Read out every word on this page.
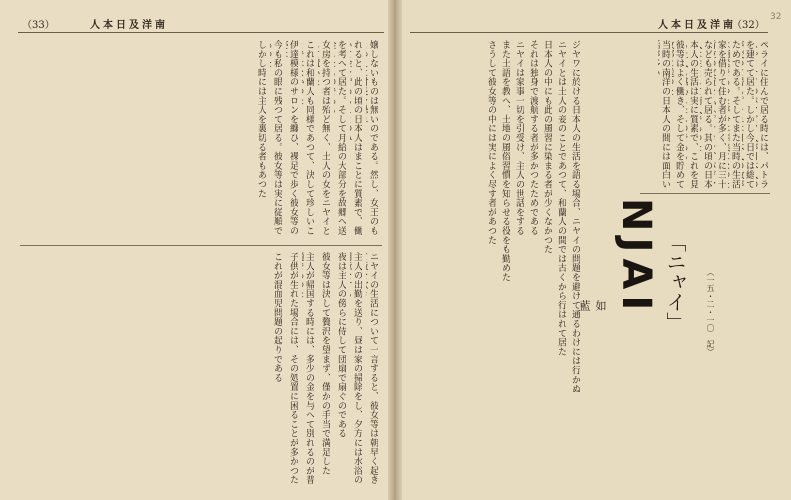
（33）	人本日及洋南	人本日及洋南
（32）
32
ペライに住んで居る時には、パトラ
を建てて居た。しかし今日では総て
ためである。そしてまた当時の生活
家を借りて住む者が多く、月に三十
なども売られて居る。其の頃の日本
本人の生活は実に質素で、これを見
彼等はよく働き、そして金を貯めて
当時の南洋の日本人の間には面白い
NJAI 「ニャイ」
如　藍	（一五・二・一〇　記）
ジヤワに於ける日本人の生活を語る場合、ニヤイの問題を避けて通るわけには行かぬ
ニヤイとは土人の妾のことであつて、和蘭人の間では古くから行はれて居た
日本人の中にも此の風習に染まる者が少くなかつた
それは独身で渡航する者が多かつたためである
ニヤイは家事一切を引受け、主人の世話をする
また土語を教へ、土地の風俗習慣を知らせる役をも勤めた
さうして彼女等の中には実によく尽す者があつた
嬢しないものは無いのである。然し、女王のも
れると、此の頃の日本人はまことに質素で、働
を考へて居た。そして月給の大部分を故郷へ送
女房を持つ者は殆ど無く、土人の女をニヤイと
これは和蘭人も同様であつて、決して珍しいこ
伊達模様のサロンを纏ひ、裸足で歩く彼女等の
今も私の眼に残つて居る。彼女等は実に従順で
しかし時には主人を裏切る者もあつた
ニヤイの生活について一言すると、彼女等は朝早く起き
主人の出勤を送り、昼は家の掃除をし、夕方には水浴の
夜は主人の傍らに侍して団扇で扇ぐのである
彼女等は決して贅沢を望まず、僅かの手当で満足した
主人が帰国する時には、多少の金を与へて別れるのが普
子供が生れた場合には、その処置に困ることが多かつた
これが混血児問題の起りである
